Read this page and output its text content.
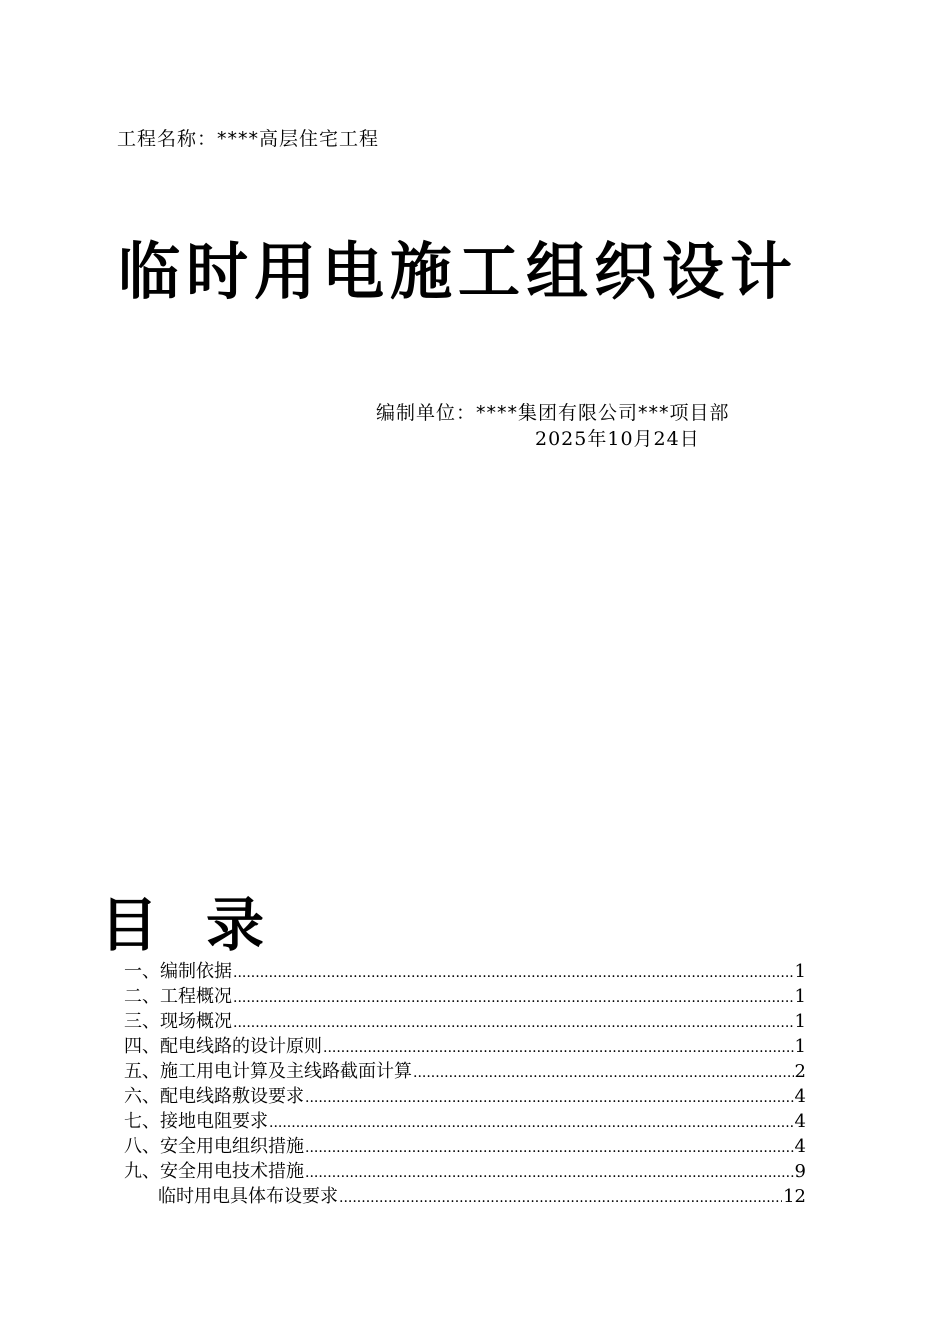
工程名称：****高层住宅工程
临时用电施工组织设计
编制单位：****集团有限公司***项目部
2025年10月24日
目 录
一、编制依据 .....	1
二、工程概况 .....	1
三、现场概况 .....	1
四、配电线路的设计原则 .....	1
五、施工用电计算及主线路截面计算 .....	2
六、配电线路敷设要求 .....	4
七、接地电阻要求 .....	4
八、安全用电组织措施 .....	4
九、安全用电技术措施 .....	9
临时用电具体布设要求 .....	12
